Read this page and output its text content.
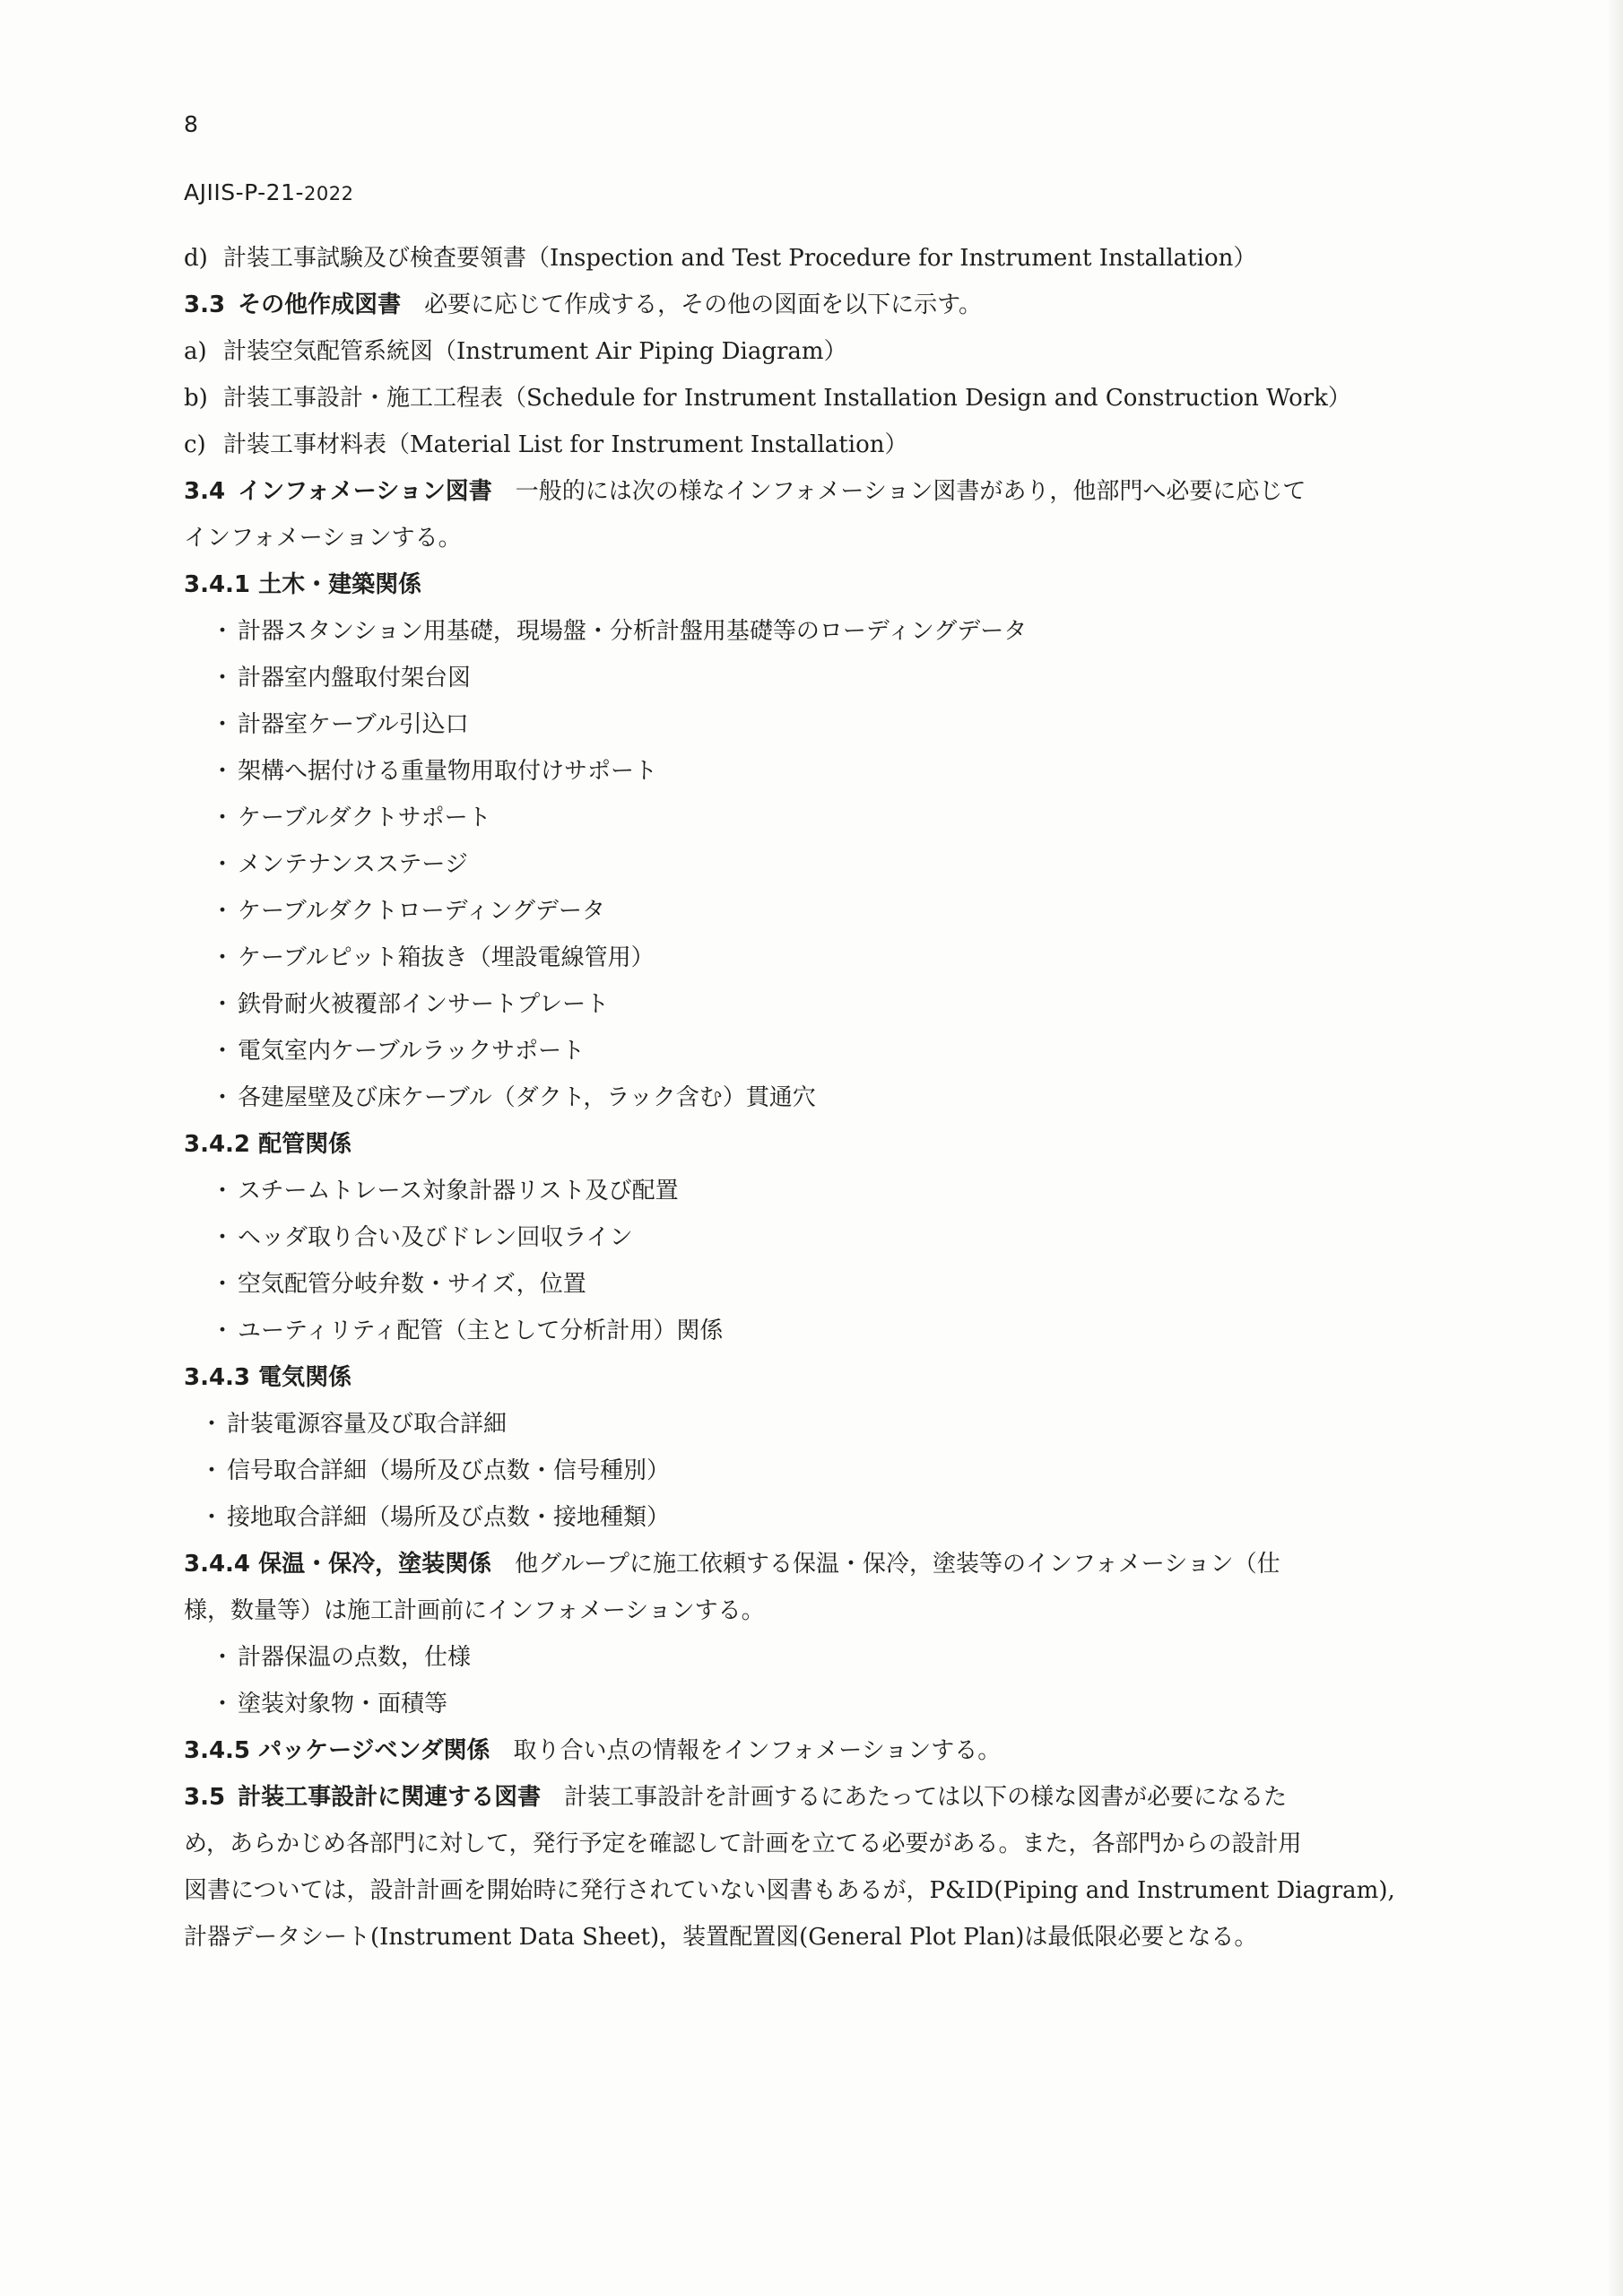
8
AJIIS-P-21-2022

d) 計装工事試験及び検査要領書（Inspection and Test Procedure for Instrument Installation）

3.3 その他作成図書 必要に応じて作成する，その他の図面を以下に示す。

a) 計装空気配管系統図（Instrument Air Piping Diagram）

b) 計装工事設計・施工工程表（Schedule for Instrument Installation Design and Construction Work）

c) 計装工事材料表（Material List for Instrument Installation）

3.4 インフォメーション図書 一般的には次の様なインフォメーション図書があり，他部門へ必要に応じて

インフォメーションする。

3.4.1 土木・建築関係

・ 計器スタンション用基礎，現場盤・分析計盤用基礎等のローディングデータ

・ 計器室内盤取付架台図

・ 計器室ケーブル引込口

・ 架構へ据付ける重量物用取付けサポート

・ ケーブルダクトサポート

・ メンテナンスステージ

・ ケーブルダクトローディングデータ

・ ケーブルピット箱抜き（埋設電線管用）

・ 鉄骨耐火被覆部インサートプレート

・ 電気室内ケーブルラックサポート

・ 各建屋壁及び床ケーブル（ダクト，ラック含む）貫通穴

3.4.2 配管関係

・ スチームトレース対象計器リスト及び配置

・ ヘッダ取り合い及びドレン回収ライン

・ 空気配管分岐弁数・サイズ，位置

・ ユーティリティ配管（主として分析計用）関係

3.4.3 電気関係

・ 計装電源容量及び取合詳細

・ 信号取合詳細（場所及び点数・信号種別）

・ 接地取合詳細（場所及び点数・接地種類）

3.4.4 保温・保冷，塗装関係 他グループに施工依頼する保温・保冷，塗装等のインフォメーション（仕

様，数量等）は施工計画前にインフォメーションする。

・ 計器保温の点数，仕様

・ 塗装対象物・面積等

3.4.5 パッケージベンダ関係 取り合い点の情報をインフォメーションする。

3.5 計装工事設計に関連する図書 計装工事設計を計画するにあたっては以下の様な図書が必要になるた

め，あらかじめ各部門に対して，発行予定を確認して計画を立てる必要がある。また，各部門からの設計用

図書については，設計計画を開始時に発行されていない図書もあるが，P&ID(Piping and Instrument Diagram),

計器データシート(Instrument Data Sheet)，装置配置図(General Plot Plan)は最低限必要となる。
